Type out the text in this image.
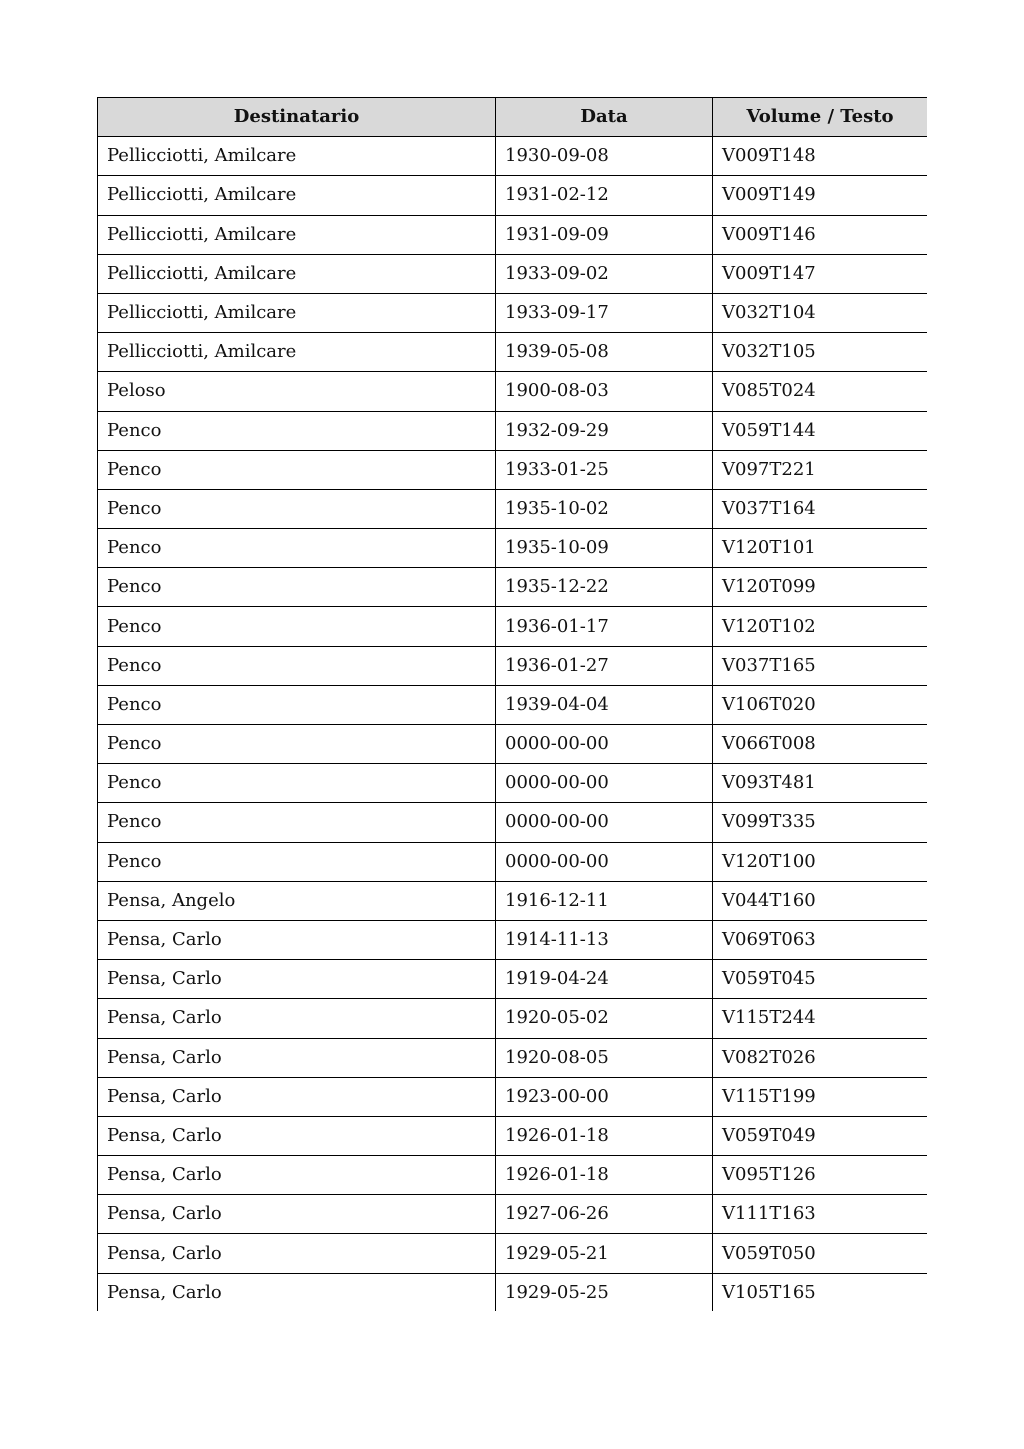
Destinatario	Data	Volume / Testo
Pellicciotti, Amilcare	1930-09-08	V009T148
Pellicciotti, Amilcare	1931-02-12	V009T149
Pellicciotti, Amilcare	1931-09-09	V009T146
Pellicciotti, Amilcare	1933-09-02	V009T147
Pellicciotti, Amilcare	1933-09-17	V032T104
Pellicciotti, Amilcare	1939-05-08	V032T105
Peloso	1900-08-03	V085T024
Penco	1932-09-29	V059T144
Penco	1933-01-25	V097T221
Penco	1935-10-02	V037T164
Penco	1935-10-09	V120T101
Penco	1935-12-22	V120T099
Penco	1936-01-17	V120T102
Penco	1936-01-27	V037T165
Penco	1939-04-04	V106T020
Penco	0000-00-00	V066T008
Penco	0000-00-00	V093T481
Penco	0000-00-00	V099T335
Penco	0000-00-00	V120T100
Pensa, Angelo	1916-12-11	V044T160
Pensa, Carlo	1914-11-13	V069T063
Pensa, Carlo	1919-04-24	V059T045
Pensa, Carlo	1920-05-02	V115T244
Pensa, Carlo	1920-08-05	V082T026
Pensa, Carlo	1923-00-00	V115T199
Pensa, Carlo	1926-01-18	V059T049
Pensa, Carlo	1926-01-18	V095T126
Pensa, Carlo	1927-06-26	V111T163
Pensa, Carlo	1929-05-21	V059T050
Pensa, Carlo	1929-05-25	V105T165
